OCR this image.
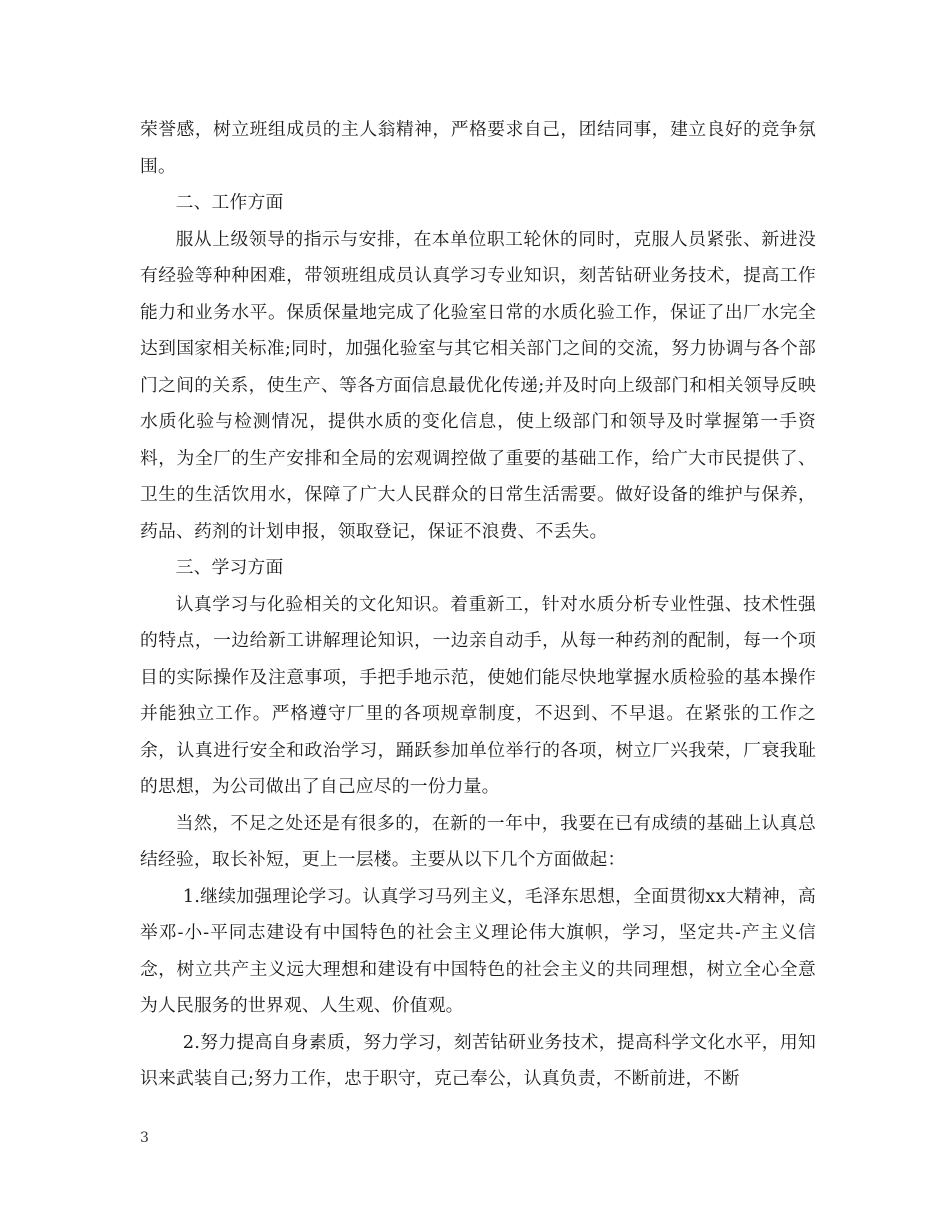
荣誉感，树立班组成员的主人翁精神，严格要求自己，团结同事，建立良好的竞争氛围。

二、工作方面

服从上级领导的指示与安排，在本单位职工轮休的同时，克服人员紧张、新进没有经验等种种困难，带领班组成员认真学习专业知识，刻苦钻研业务技术，提高工作能力和业务水平。保质保量地完成了化验室日常的水质化验工作，保证了出厂水完全达到国家相关标准;同时，加强化验室与其它相关部门之间的交流，努力协调与各个部门之间的关系，使生产、等各方面信息最优化传递;并及时向上级部门和相关领导反映水质化验与检测情况，提供水质的变化信息，使上级部门和领导及时掌握第一手资料，为全厂的生产安排和全局的宏观调控做了重要的基础工作，给广大市民提供了、卫生的生活饮用水，保障了广大人民群众的日常生活需要。做好设备的维护与保养，药品、药剂的计划申报，领取登记，保证不浪费、不丢失。

三、学习方面

认真学习与化验相关的文化知识。着重新工，针对水质分析专业性强、技术性强的特点，一边给新工讲解理论知识，一边亲自动手，从每一种药剂的配制，每一个项目的实际操作及注意事项，手把手地示范，使她们能尽快地掌握水质检验的基本操作并能独立工作。严格遵守厂里的各项规章制度，不迟到、不早退。在紧张的工作之余，认真进行安全和政治学习，踊跃参加单位举行的各项，树立厂兴我荣，厂衰我耻的思想，为公司做出了自己应尽的一份力量。

当然，不足之处还是有很多的，在新的一年中，我要在已有成绩的基础上认真总结经验，取长补短，更上一层楼。主要从以下几个方面做起：

1.继续加强理论学习。认真学习马列主义，毛泽东思想，全面贯彻xx大精神，高举邓-小-平同志建设有中国特色的社会主义理论伟大旗帜，学习，坚定共-产主义信念，树立共产主义远大理想和建设有中国特色的社会主义的共同理想，树立全心全意为人民服务的世界观、人生观、价值观。

2.努力提高自身素质，努力学习，刻苦钻研业务技术，提高科学文化水平，用知识来武装自己;努力工作，忠于职守，克己奉公，认真负责，不断前进，不断

3
